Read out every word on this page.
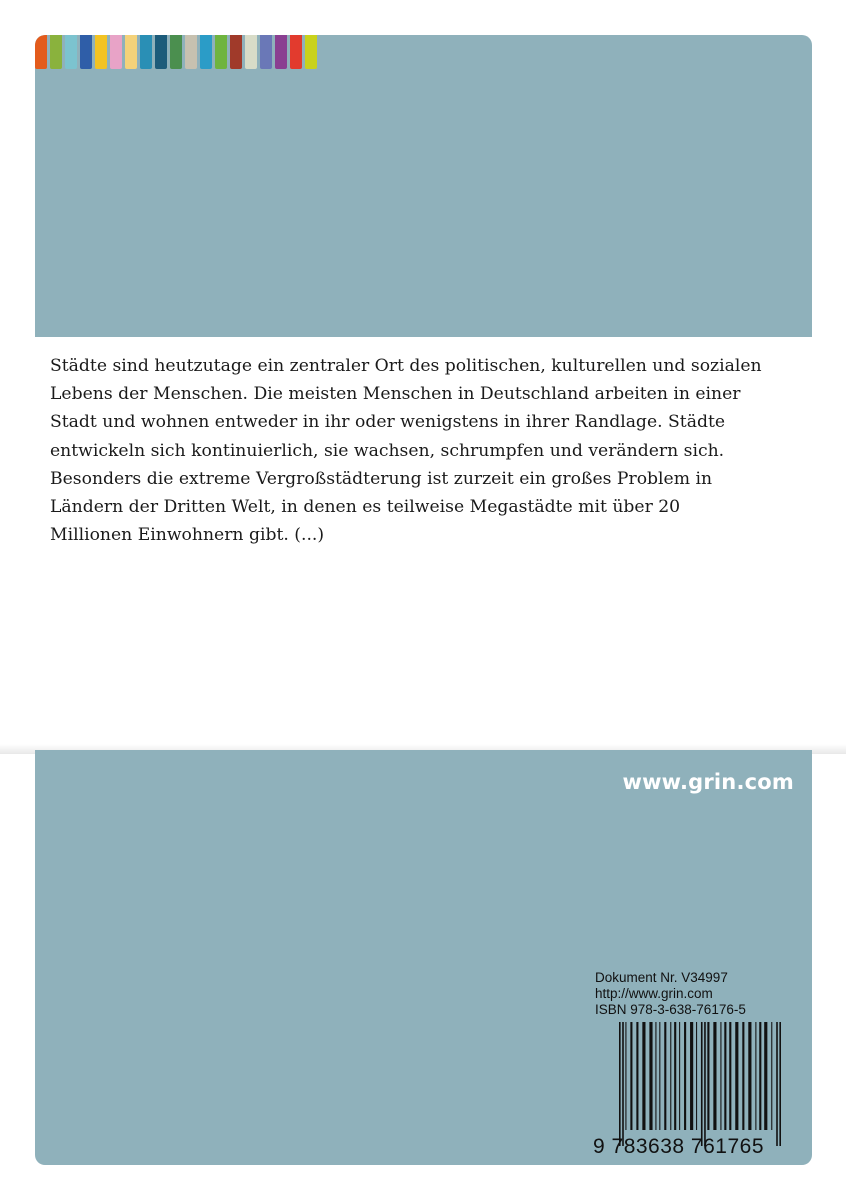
Städte sind heutzutage ein zentraler Ort des politischen, kulturellen und sozialen
Lebens der Menschen. Die meisten Menschen in Deutschland arbeiten in einer
Stadt und wohnen entweder in ihr oder wenigstens in ihrer Randlage. Städte
entwickeln sich kontinuierlich, sie wachsen, schrumpfen und verändern sich.
Besonders die extreme Vergroßstädterung ist zurzeit ein großes Problem in
Ländern der Dritten Welt, in denen es teilweise Megastädte mit über 20
Millionen Einwohnern gibt. (...)
www.grin.com
Dokument Nr. V34997
http://www.grin.com
ISBN 978-3-638-76176-5
9 783638 761765
